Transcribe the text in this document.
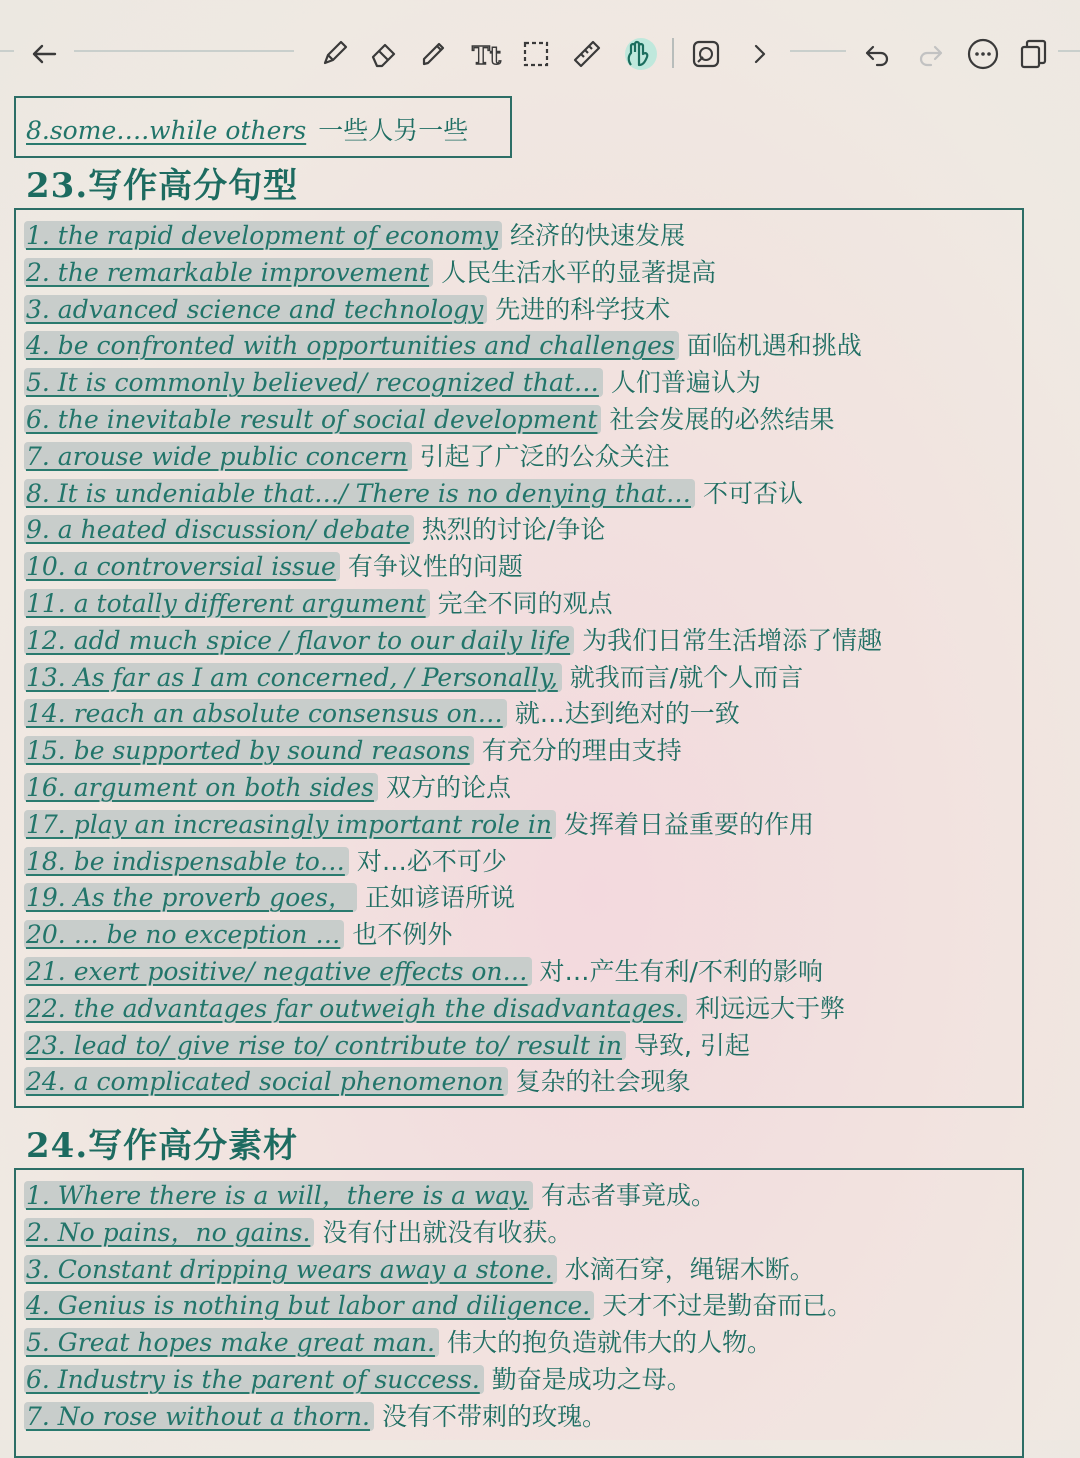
Tt
8.some….while others 一些人另一些
23.写作高分句型
1. the rapid development of economy 经济的快速发展
2. the remarkable improvement 人民生活水平的显著提高
3. advanced science and technology 先进的科学技术
4. be confronted with opportunities and challenges 面临机遇和挑战
5. It is commonly believed/ recognized that… 人们普遍认为
6. the inevitable result of social development 社会发展的必然结果
7. arouse wide public concern 引起了广泛的公众关注
8. It is undeniable that…/ There is no denying that… 不可否认
9. a heated discussion/ debate 热烈的讨论/争论
10. a controversial issue 有争议性的问题
11. a totally different argument 完全不同的观点
12. add much spice / flavor to our daily life 为我们日常生活增添了情趣
13. As far as I am concerned, / Personally, 就我而言/就个人而言
14. reach an absolute consensus on… 就…达到绝对的一致
15. be supported by sound reasons 有充分的理由支持
16. argument on both sides 双方的论点
17. play an increasingly important role in 发挥着日益重要的作用
18. be indispensable to… 对…必不可少
19. As the proverb goes， 正如谚语所说
20. … be no exception … 也不例外
21. exert positive/ negative effects on… 对…产生有利/不利的影响
22. the advantages far outweigh the disadvantages. 利远远大于弊
23. lead to/ give rise to/ contribute to/ result in 导致, 引起
24. a complicated social phenomenon 复杂的社会现象
24.写作高分素材
1. Where there is a will，there is a way. 有志者事竟成。
2. No pains，no gains. 没有付出就没有收获。
3. Constant dripping wears away a stone. 水滴石穿，绳锯木断。
4. Genius is nothing but labor and diligence. 天才不过是勤奋而已。
5. Great hopes make great man. 伟大的抱负造就伟大的人物。
6. Industry is the parent of success. 勤奋是成功之母。
7. No rose without a thorn. 没有不带刺的玫瑰。
